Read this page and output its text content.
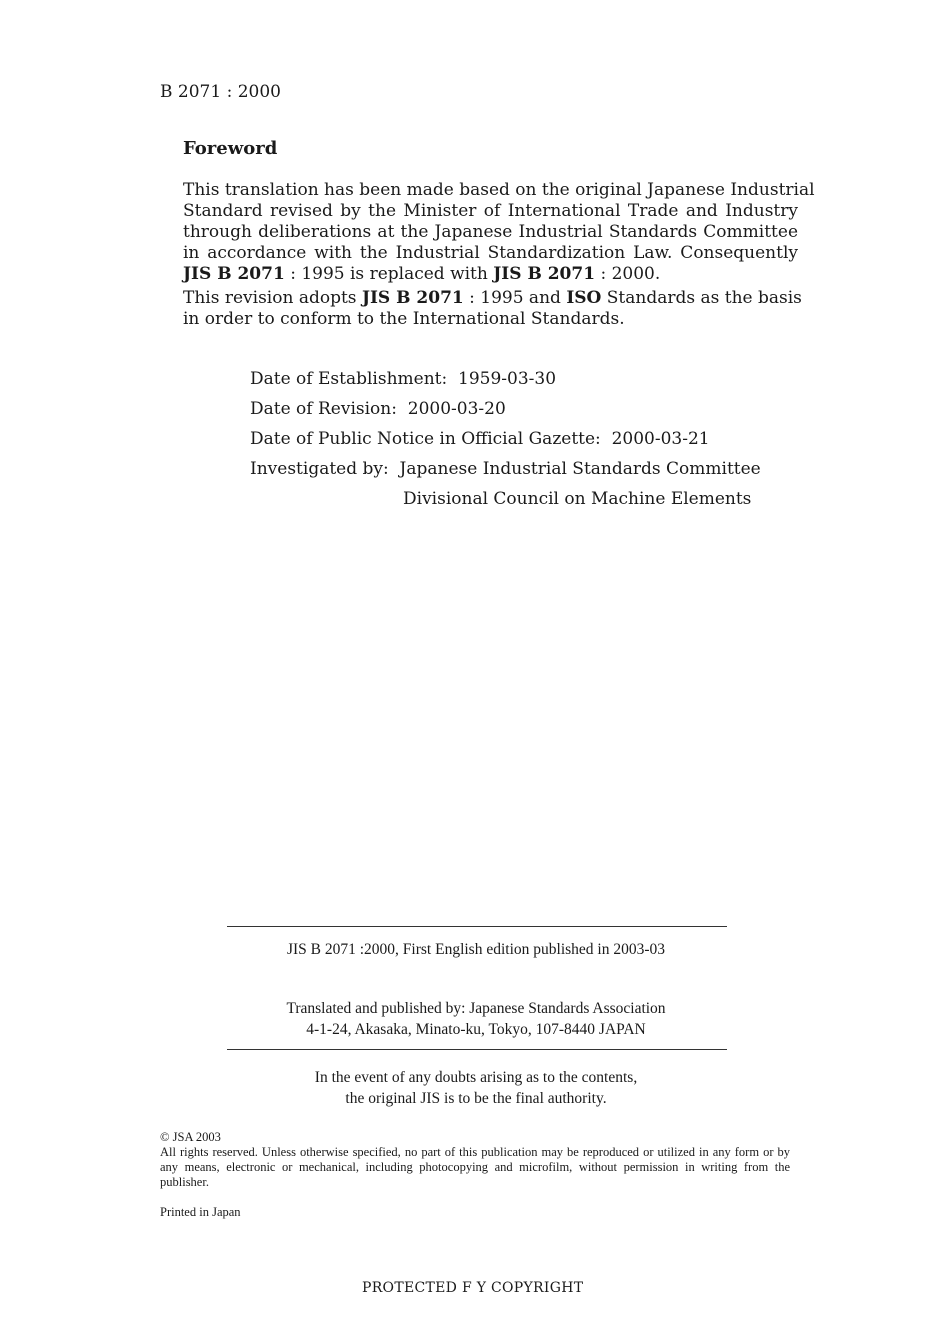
B 2071 : 2000
Foreword
This translation has been made based on the original Japanese Industrial
Standard revised by the Minister of International Trade and Industry
through deliberations at the Japanese Industrial Standards Committee
in accordance with the Industrial Standardization Law. Consequently
JIS B 2071 : 1995 is replaced with JIS B 2071 : 2000.
This revision adopts JIS B 2071 : 1995 and ISO Standards as the basis
in order to conform to the International Standards.
Date of Establishment: 1959-03-30
Date of Revision: 2000-03-20
Date of Public Notice in Official Gazette: 2000-03-21
Investigated by: Japanese Industrial Standards Committee
Divisional Council on Machine Elements
JIS B 2071 :2000, First English edition published in 2003-03
Translated and published by: Japanese Standards Association
4-1-24, Akasaka, Minato-ku, Tokyo, 107-8440 JAPAN
In the event of any doubts arising as to the contents,
the original JIS is to be the final authority.
© JSA 2003
All rights reserved. Unless otherwise specified, no part of this publication may be reproduced or utilized in any form or by any means, electronic or mechanical, including photocopying and microfilm, without permission in writing from the publisher.
Printed in Japan
PROTECTED F Y COPYRIGHT
